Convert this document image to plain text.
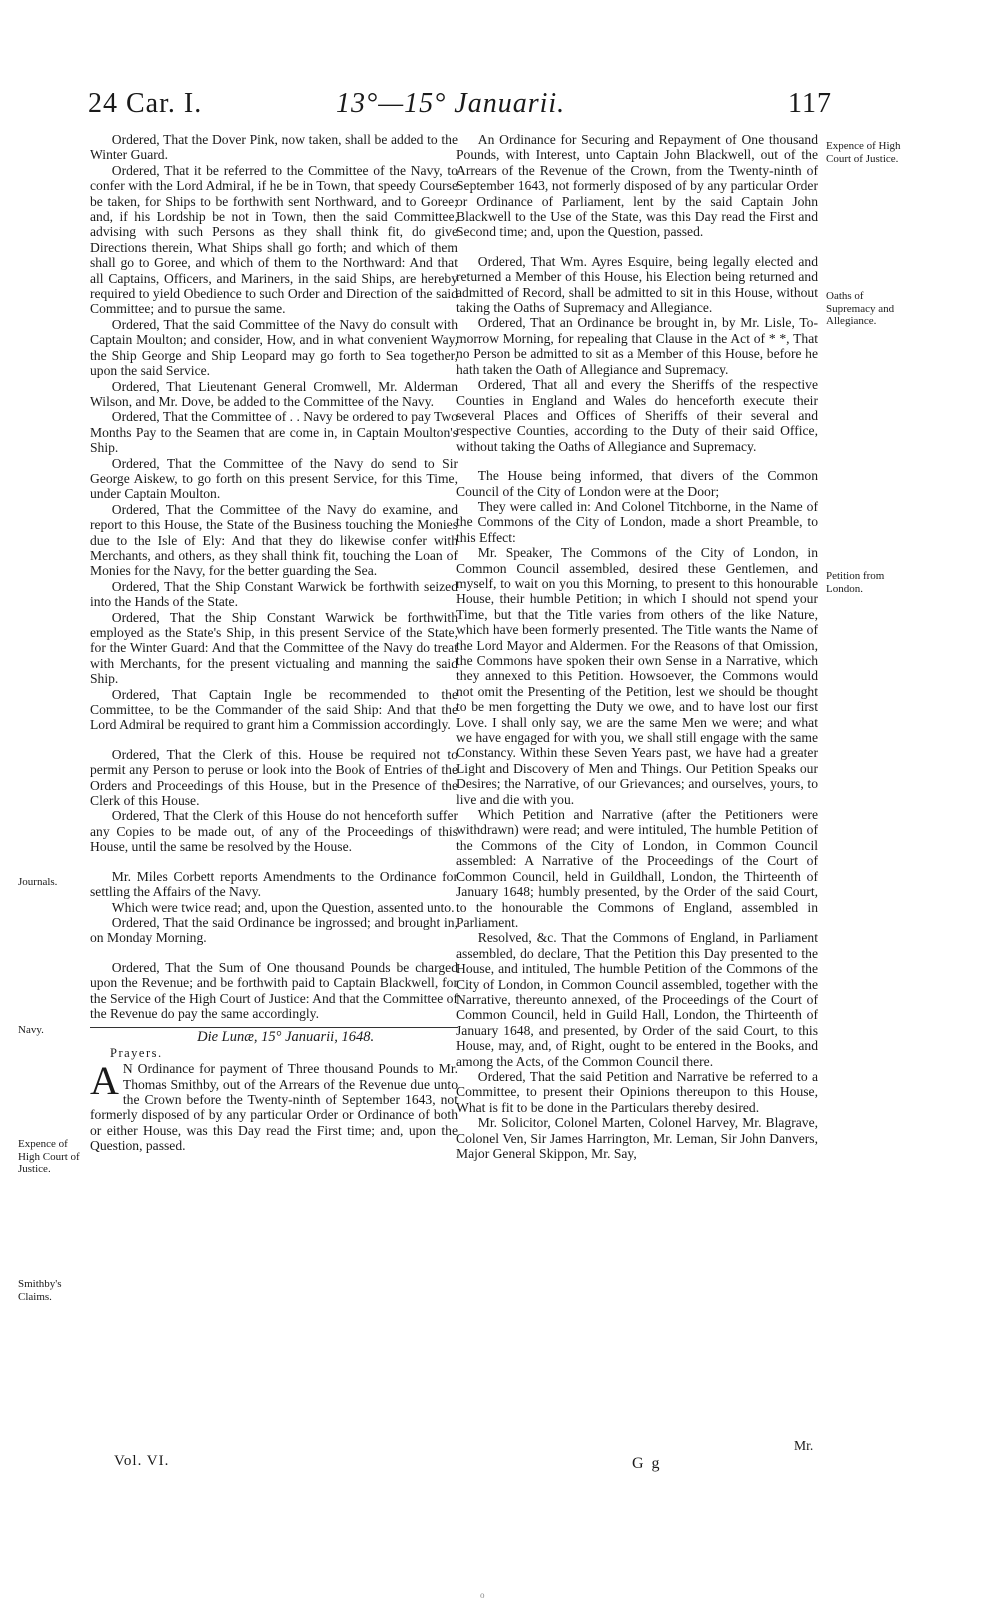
24 Car. I.	13°—15° Januarii.	117

Ordered, That the Dover Pink, now taken, shall be added to the Winter Guard.

Ordered, That it be referred to the Committee of the Navy, to confer with the Lord Admiral, if he be in Town, that speedy Course be taken, for Ships to be forthwith sent Northward, and to Goree; and, if his Lordship be not in Town, then the said Committee, advising with such Persons as they shall think fit, do give Directions therein, What Ships shall go forth; and which of them shall go to Goree, and which of them to the Northward: And that all Captains, Officers, and Mariners, in the said Ships, are hereby required to yield Obedience to such Order and Direction of the said Committee; and to pursue the same.

Ordered, That the said Committee of the Navy do consult with Captain Moulton; and consider, How, and in what convenient Way, the Ship George and Ship Leopard may go forth to Sea together, upon the said Service.

Ordered, That Lieutenant General Cromwell, Mr. Alderman Wilson, and Mr. Dove, be added to the Committee of the Navy.

Ordered, That the Committee of . . Navy be ordered to pay Two Months Pay to the Seamen that are come in, in Captain Moulton's Ship.

Ordered, That the Committee of the Navy do send to Sir George Aiskew, to go forth on this present Service, for this Time, under Captain Moulton.

Ordered, That the Committee of the Navy do examine, and report to this House, the State of the Business touching the Monies due to the Isle of Ely: And that they do likewise confer with Merchants, and others, as they shall think fit, touching the Loan of Monies for the Navy, for the better guarding the Sea.

Ordered, That the Ship Constant Warwick be forthwith seized into the Hands of the State.

Ordered, That the Ship Constant Warwick be forthwith employed as the State's Ship, in this present Service of the State, for the Winter Guard: And that the Committee of the Navy do treat with Merchants, for the present victualing and manning the said Ship.

Ordered, That Captain Ingle be recommended to the Committee, to be the Commander of the said Ship: And that the Lord Admiral be required to grant him a Commission accordingly.

Ordered, That the Clerk of this. House be required not to permit any Person to peruse or look into the Book of Entries of the Orders and Proceedings of this House, but in the Presence of the Clerk of this House.

Ordered, That the Clerk of this House do not henceforth suffer any Copies to be made out, of any of the Proceedings of this House, until the same be resolved by the House.

Mr. Miles Corbett reports Amendments to the Ordinance for settling the Affairs of the Navy.

Which were twice read; and, upon the Question, assented unto.

Ordered, That the said Ordinance be ingrossed; and brought in, on Monday Morning.

Ordered, That the Sum of One thousand Pounds be charged upon the Revenue; and be forthwith paid to Captain Blackwell, for the Service of the High Court of Justice: And that the Committee of the Revenue do pay the same accordingly.

Die Lunæ, 15° Januarii, 1648.

Prayers.

A N Ordinance for payment of Three thousand Pounds to Mr. Thomas Smithby, out of the Arrears of the Revenue due unto the Crown before the Twenty-ninth of September 1643, not formerly disposed of by any particular Order or Ordinance of both or either House, was this Day read the First time; and, upon the Question, passed.

An Ordinance for Securing and Repayment of One thousand Pounds, with Interest, unto Captain John Blackwell, out of the Arrears of the Revenue of the Crown, from the Twenty-ninth of September 1643, not formerly disposed of by any particular Order or Ordinance of Parliament, lent by the said Captain John Blackwell to the Use of the State, was this Day read the First and Second time; and, upon the Question, passed.

Ordered, That Wm. Ayres Esquire, being legally elected and returned a Member of this House, his Election being returned and admitted of Record, shall be admitted to sit in this House, without taking the Oaths of Supremacy and Allegiance.

Ordered, That an Ordinance be brought in, by Mr. Lisle, To-morrow Morning, for repealing that Clause in the Act of * *, That no Person be admitted to sit as a Member of this House, before he hath taken the Oath of Allegiance and Supremacy.

Ordered, That all and every the Sheriffs of the respective Counties in England and Wales do henceforth execute their several Places and Offices of Sheriffs of their several and respective Counties, according to the Duty of their said Office, without taking the Oaths of Allegiance and Supremacy.

The House being informed, that divers of the Common Council of the City of London were at the Door;

They were called in: And Colonel Titchborne, in the Name of the Commons of the City of London, made a short Preamble, to this Effect:

Mr. Speaker, The Commons of the City of London, in Common Council assembled, desired these Gentlemen, and myself, to wait on you this Morning, to present to this honourable House, their humble Petition; in which I should not spend your Time, but that the Title varies from others of the like Nature, which have been formerly presented. The Title wants the Name of the Lord Mayor and Aldermen. For the Reasons of that Omission, the Commons have spoken their own Sense in a Narrative, which they annexed to this Petition. Howsoever, the Commons would not omit the Presenting of the Petition, lest we should be thought to be men forgetting the Duty we owe, and to have lost our first Love. I shall only say, we are the same Men we were; and what we have engaged for with you, we shall still engage with the same Constancy. Within these Seven Years past, we have had a greater Light and Discovery of Men and Things. Our Petition Speaks our Desires; the Narrative, of our Grievances; and ourselves, yours, to live and die with you.

Which Petition and Narrative (after the Petitioners were withdrawn) were read; and were intituled, The humble Petition of the Commons of the City of London, in Common Council assembled: A Narrative of the Proceedings of the Court of Common Council, held in Guildhall, London, the Thirteenth of January 1648; humbly presented, by the Order of the said Court, to the honourable the Commons of England, assembled in Parliament.

Resolved, &c. That the Commons of England, in Parliament assembled, do declare, That the Petition this Day presented to the House, and intituled, The humble Petition of the Commons of the City of London, in Common Council assembled, together with the Narrative, thereunto annexed, of the Proceedings of the Court of Common Council, held in Guild Hall, London, the Thirteenth of January 1648, and presented, by Order of the said Court, to this House, may, and, of Right, ought to be entered in the Books, and among the Acts, of the Common Council there.

Ordered, That the said Petition and Narrative be referred to a Committee, to present their Opinions thereupon to this House, What is fit to be done in the Particulars thereby desired.

Mr. Solicitor, Colonel Marten, Colonel Harvey, Mr. Blagrave, Colonel Ven, Sir James Harrington, Mr. Leman, Sir John Danvers, Major General Skippon, Mr. Say,

Journals.
Navy.
Expence of High Court of Justice.
Smithby's Claims.
Expence of High Court of Justice.
Oaths of Supremacy and Allegiance.
Petition from London.
Vol. VI.	G g
Mr.
o
